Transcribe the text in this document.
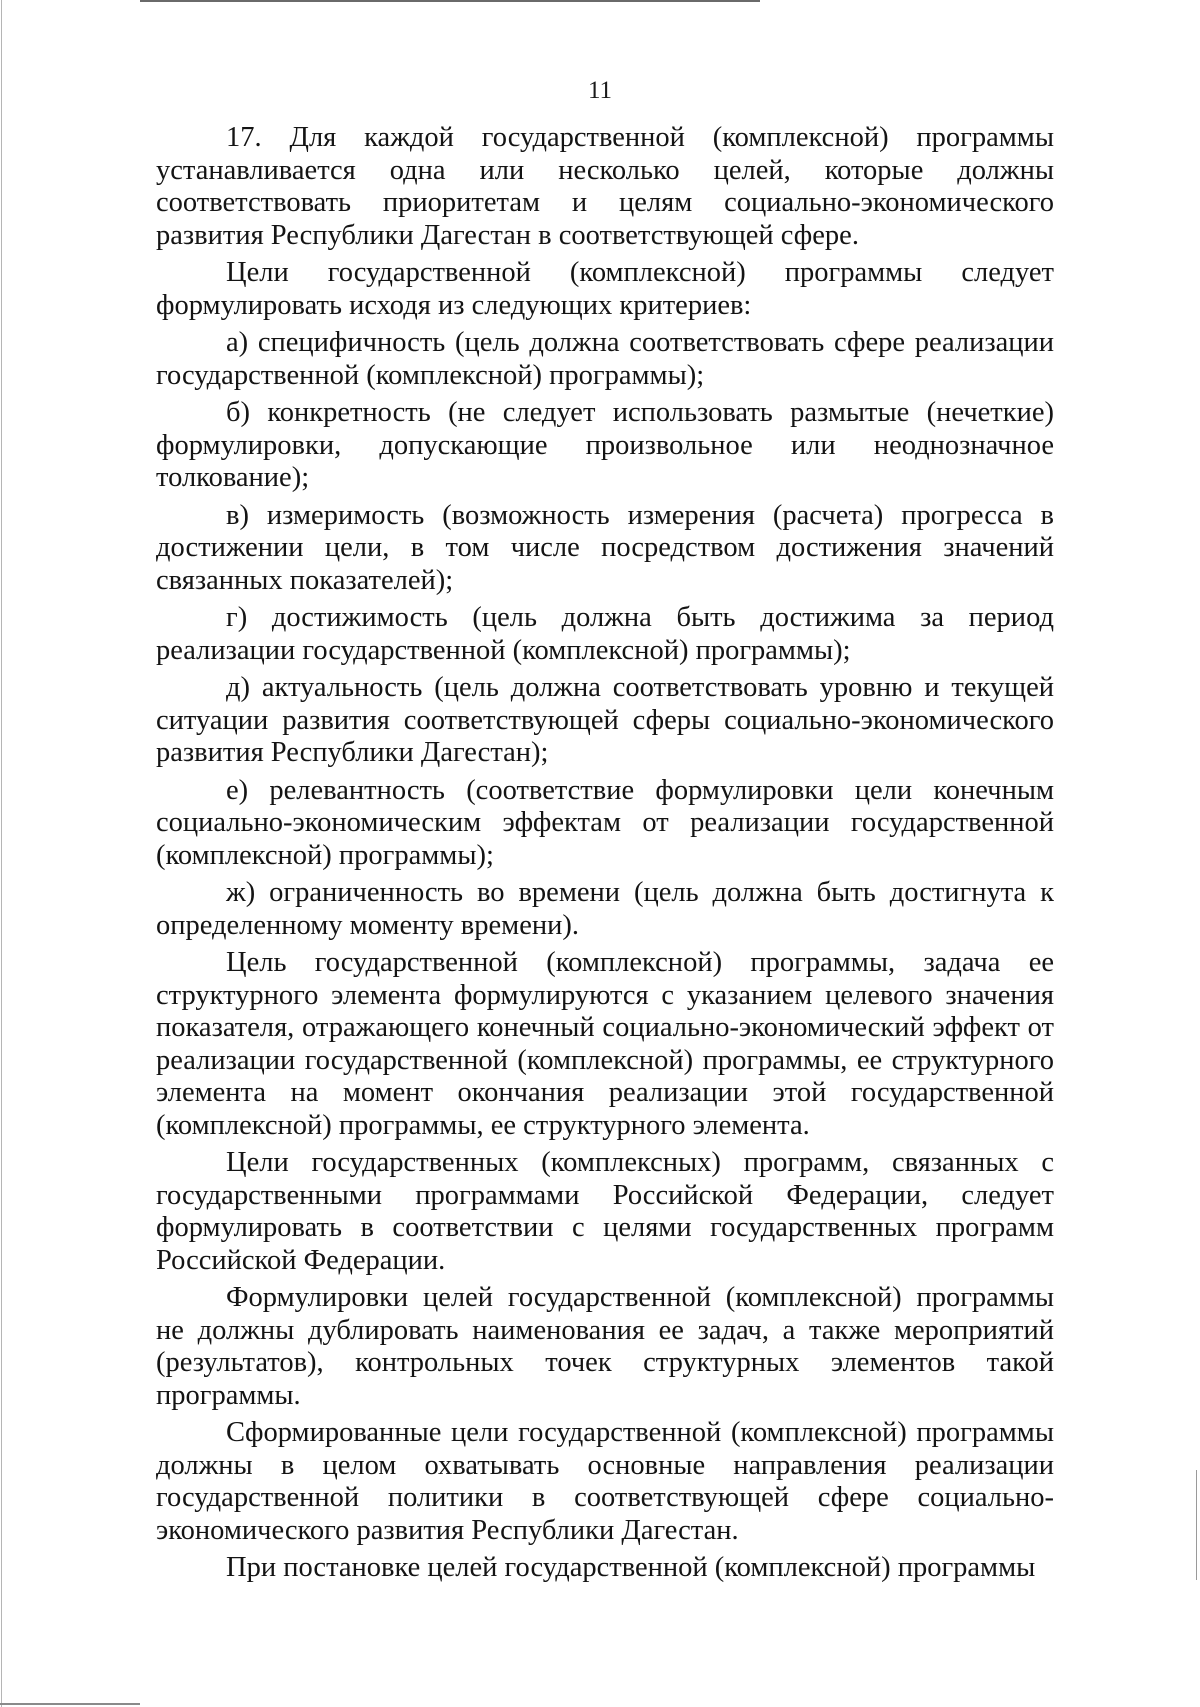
11

17. Для каждой государственной (комплексной) программы устанавливается одна или несколько целей, которые должны соответствовать приоритетам и целям социально-экономического развития Республики Дагестан в соответствующей сфере.

Цели государственной (комплексной) программы следует формулировать исходя из следующих критериев:

а) специфичность (цель должна соответствовать сфере реализации государственной (комплексной) программы);

б) конкретность (не следует использовать размытые (нечеткие) формулировки, допускающие произвольное или неоднозначное толкование);

в) измеримость (возможность измерения (расчета) прогресса в достижении цели, в том числе посредством достижения значений связанных показателей);

г) достижимость (цель должна быть достижима за период реализации государственной (комплексной) программы);

д) актуальность (цель должна соответствовать уровню и текущей ситуации развития соответствующей сферы социально-экономического развития Республики Дагестан);

е) релевантность (соответствие формулировки цели конечным социально-экономическим эффектам от реализации государственной (комплексной) программы);

ж) ограниченность во времени (цель должна быть достигнута к определенному моменту времени).

Цель государственной (комплексной) программы, задача ее структурного элемента формулируются с указанием целевого значения показателя, отражающего конечный социально-экономический эффект от реализации государственной (комплексной) программы, ее структурного элемента на момент окончания реализации этой государственной (комплексной) программы, ее структурного элемента.

Цели государственных (комплексных) программ, связанных с государственными программами Российской Федерации, следует формулировать в соответствии с целями государственных программ Российской Федерации.

Формулировки целей государственной (комплексной) программы не должны дублировать наименования ее задач, а также мероприятий (результатов), контрольных точек структурных элементов такой программы.

Сформированные цели государственной (комплексной) программы должны в целом охватывать основные направления реализации государственной политики в соответствующей сфере социально-экономического развития Республики Дагестан.

При постановке целей государственной (комплексной) программы
